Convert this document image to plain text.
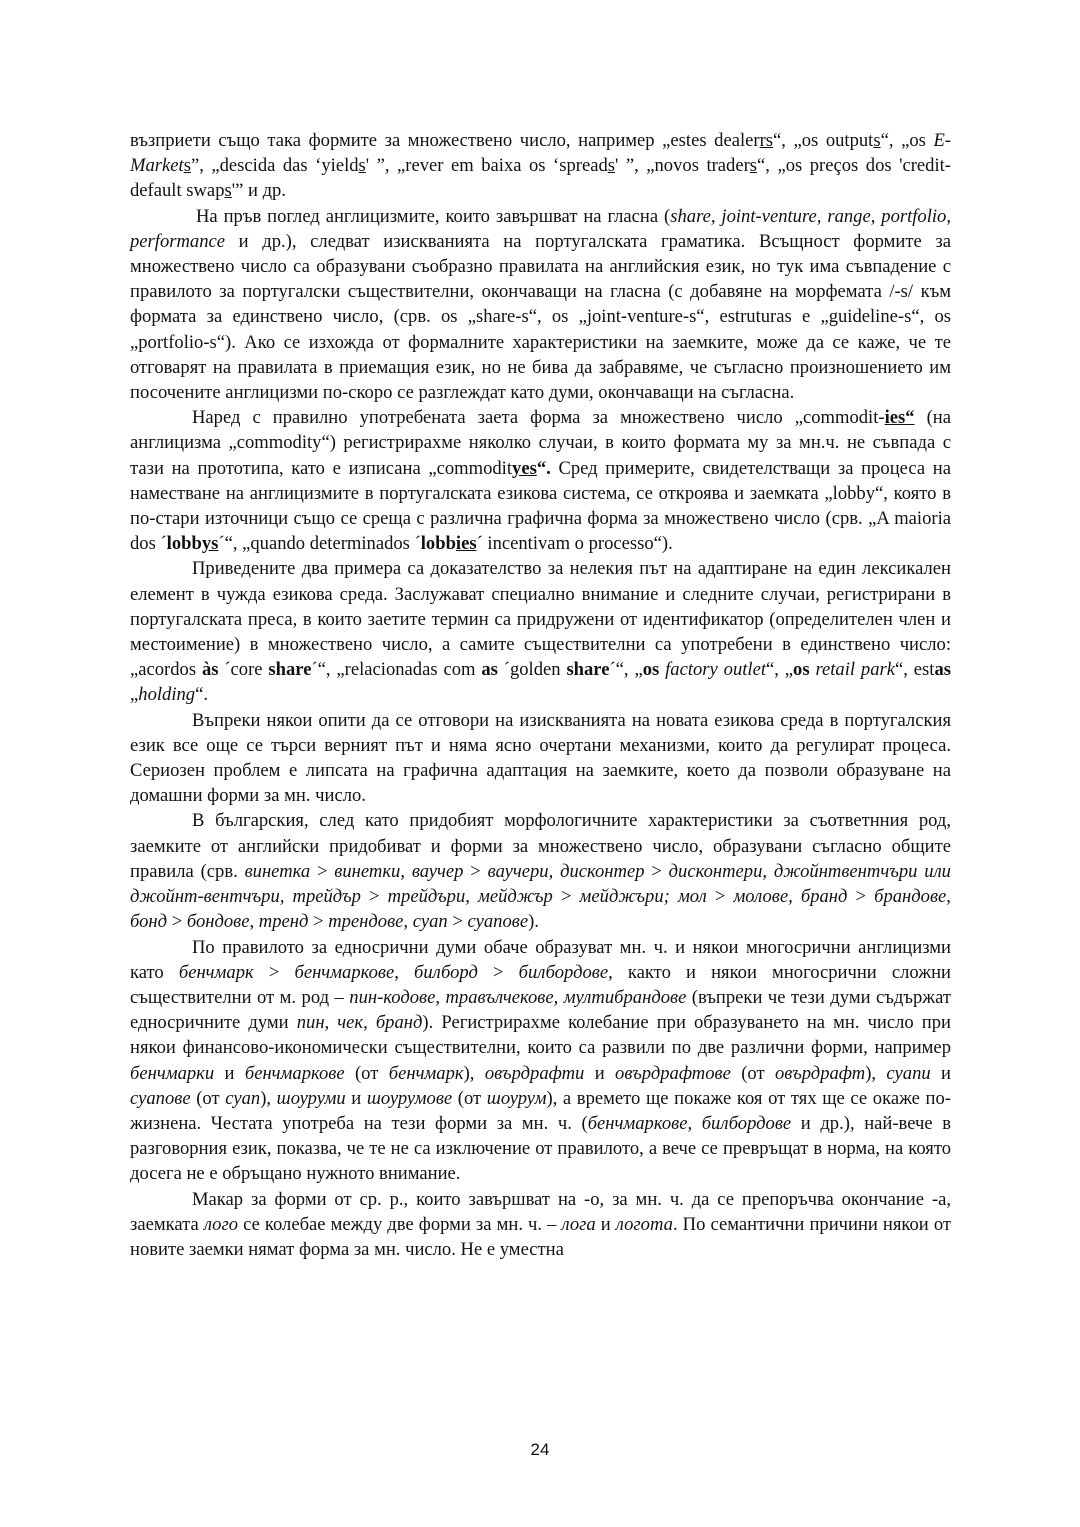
възприети също така формите за множествено число, например „estes dealerrs“, „os outputs“, „os E-Markets”, „descida das ‘yields' ”, „rever em baixa os ‘spreads' ”, „novos traders“, „os preços dos 'credit-default swaps'” и др.

На пръв поглед англицизмите, които завършват на гласна (share, joint-venture, range, portfolio, performance и др.), следват изискванията на португалската граматика. Всъщност формите за множествено число са образувани съобразно правилата на английския език, но тук има съвпадение с правилото за португалски съществителни, окончаващи на гласна (с добавяне на морфемата /-s/ към формата за единствено число, (срв. os „share-s“, os „joint-venture-s“, estruturas e „guideline-s“, os „portfolio-s“). Ако се изхожда от формалните характеристики на заемките, може да се каже, че те отговарят на правилата в приемащия език, но не бива да забравяме, че съгласно произношението им посочените англицизми по-скоро се разглеждат като думи, окончаващи на съгласна.

Наред с правилно употребената заета форма за множествено число „commodit-ies“ (на англицизма „commodity“) регистрирахме няколко случаи, в които формата му за мн.ч. не съвпада с тази на прототипа, като е изписана „commodityes“. Сред примерите, свидетелстващи за процеса на наместване на англицизмите в португалската езикова система, се откроява и заемката „lobby“, която в по-стари източници също се среща с различна графична форма за множествено число (срв. „A maioria dos ´lobbys´“, „quando determinados ´lobbies´ incentivam o processo“).

Приведените два примера са доказателство за нелекия път на адаптиране на един лексикален елемент в чужда езикова среда. Заслужават специално внимание и следните случаи, регистрирани в португалската преса, в които заетите термин са придружени от идентификатор (определителен член и местоимение) в множествено число, а самите съществителни са употребени в единствено число: „acordos às ´core share´“, „relacionadas com as ´golden share´“, „os factory outlet“, „os retail park“, estas „holding“.

Въпреки някои опити да се отговори на изискванията на новата езикова среда в португалския език все още се търси верният път и няма ясно очертани механизми, които да регулират процеса. Сериозен проблем е липсата на графична адаптация на заемките, което да позволи образуване на домашни форми за мн. число.

В българския, след като придобият морфологичните характеристики за съответнния род, заемките от английски придобиват и форми за множествено число, образувани съгласно общите правила (срв. винетка > винетки, ваучер > ваучери, дисконтер > дисконтери, джойнтвентчъри или джойнт-вентчъри, трейдър > трейдъри, мейджър > мейджъри; мол > молове, бранд > брандове, бонд > бондове, тренд > трендове, суап > суапове).

По правилото за едносрични думи обаче образуват мн. ч. и някои многосрични англицизми като бенчмарк > бенчмаркове, билборд > билбордове, както и някои многосрични сложни съществителни от м. род – пин-кодове, травълчекове, мултибрандове (въпреки че тези думи съдържат едносричните думи пин, чек, бранд). Регистрирахме колебание при образуването на мн. число при някои финансово-икономически съществителни, които са развили по две различни форми, например бенчмарки и бенчмаркове (от бенчмарк), овърдрафти и овърдрафтове (от овърдрафт), суапи и суапове (от суап), шоуруми и шоурумове (от шоурум), а времето ще покаже коя от тях ще се окаже по-жизнена. Честата употреба на тези форми за мн. ч. (бенчмаркове, билбордове и др.), най-вече в разговорния език, показва, че те не са изключение от правилото, а вече се превръщат в норма, на която досега не е обръщано нужното внимание.

Макар за форми от ср. р., които завършват на -о, за мн. ч. да се препоръчва окончание -а, заемката лого се колебае между две форми за мн. ч. – лога и логота. По семантични причини някои от новите заемки нямат форма за мн. число. Не е уместна

24
